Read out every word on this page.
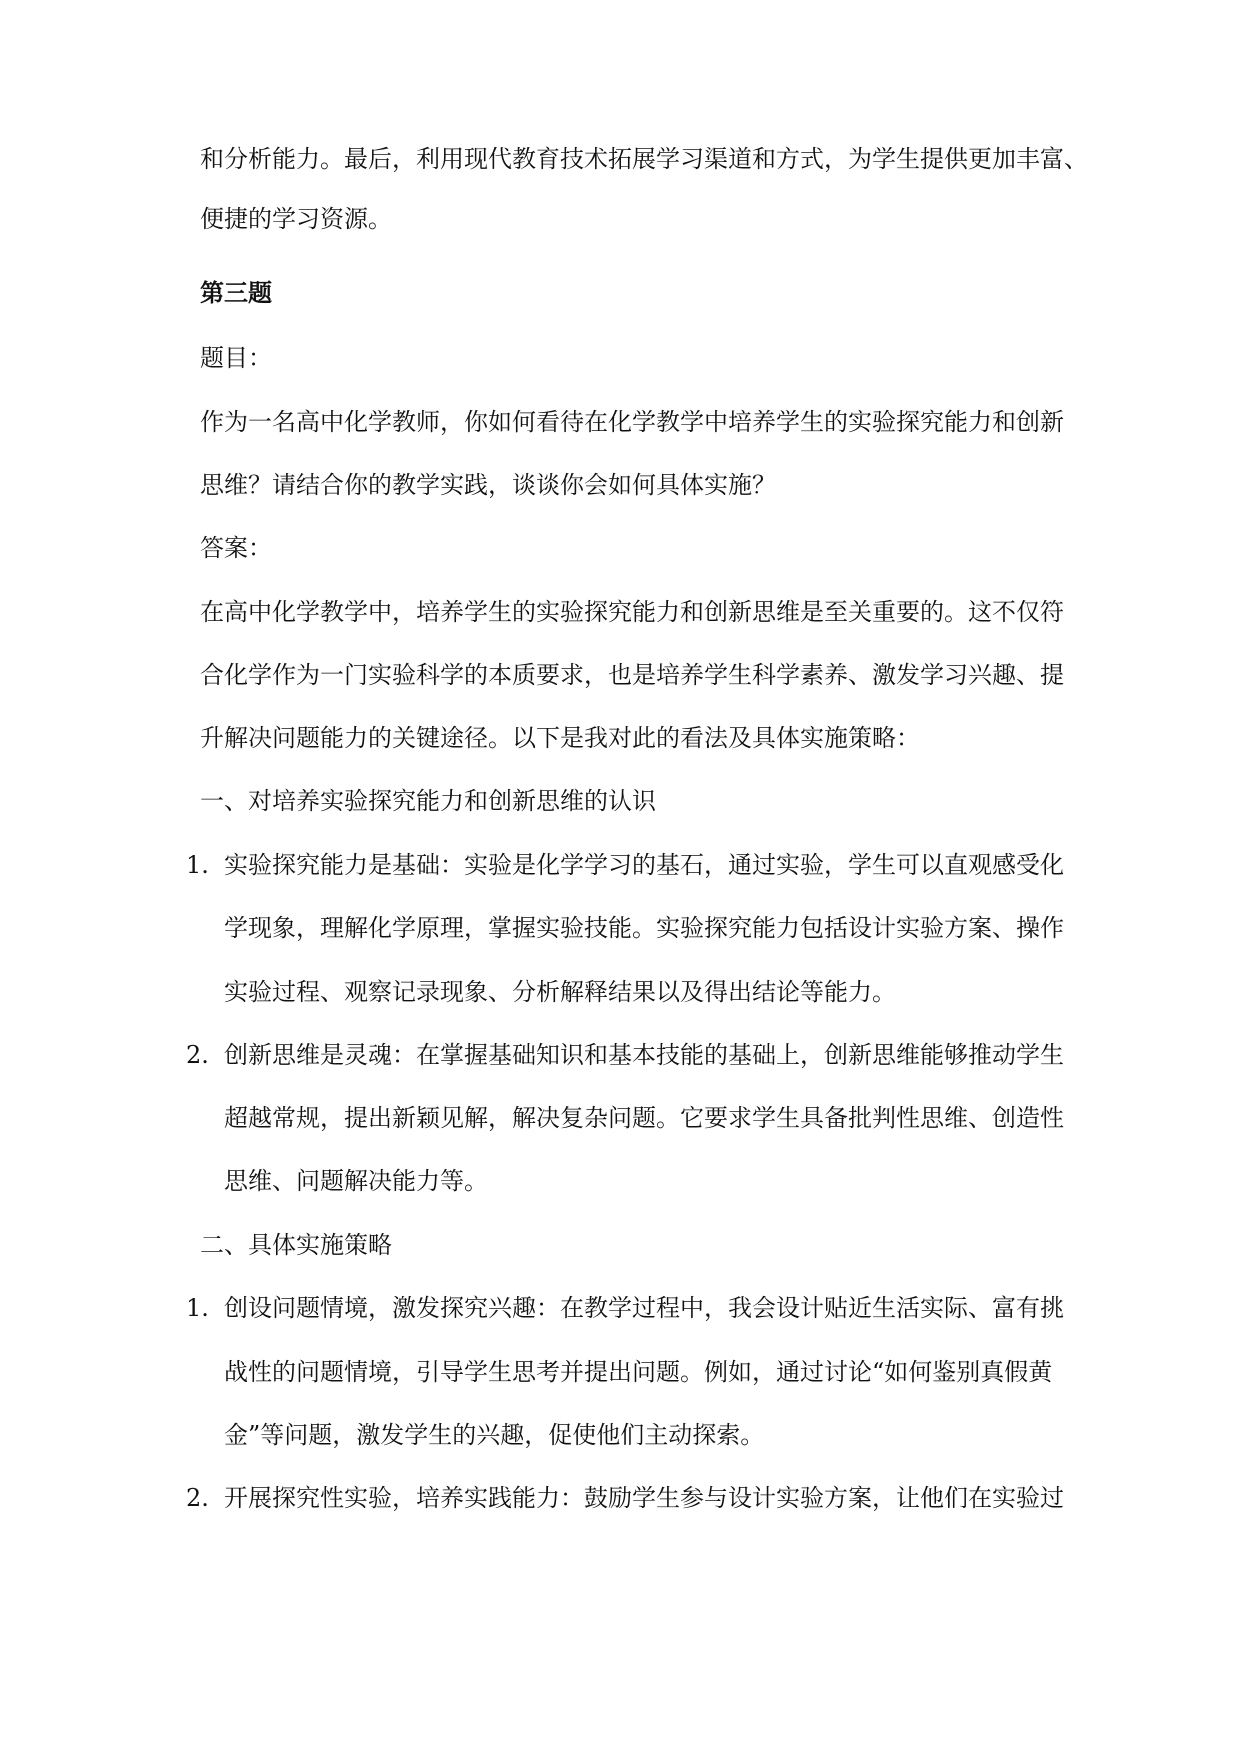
和分析能力。最后，利用现代教育技术拓展学习渠道和方式，为学生提供更加丰富、
便捷的学习资源。
第三题
题目：
作为一名高中化学教师，你如何看待在化学教学中培养学生的实验探究能力和创新
思维？请结合你的教学实践，谈谈你会如何具体实施？
答案：
在高中化学教学中，培养学生的实验探究能力和创新思维是至关重要的。这不仅符
合化学作为一门实验科学的本质要求，也是培养学生科学素养、激发学习兴趣、提
升解决问题能力的关键途径。以下是我对此的看法及具体实施策略：
一、对培养实验探究能力和创新思维的认识
1. 实验探究能力是基础：实验是化学学习的基石，通过实验，学生可以直观感受化
学现象，理解化学原理，掌握实验技能。实验探究能力包括设计实验方案、操作
实验过程、观察记录现象、分析解释结果以及得出结论等能力。
2. 创新思维是灵魂：在掌握基础知识和基本技能的基础上，创新思维能够推动学生
超越常规，提出新颖见解，解决复杂问题。它要求学生具备批判性思维、创造性
思维、问题解决能力等。
二、具体实施策略
1. 创设问题情境，激发探究兴趣：在教学过程中，我会设计贴近生活实际、富有挑
战性的问题情境，引导学生思考并提出问题。例如，通过讨论“如何鉴别真假黄
金”等问题，激发学生的兴趣，促使他们主动探索。
2. 开展探究性实验，培养实践能力：鼓励学生参与设计实验方案，让他们在实验过
